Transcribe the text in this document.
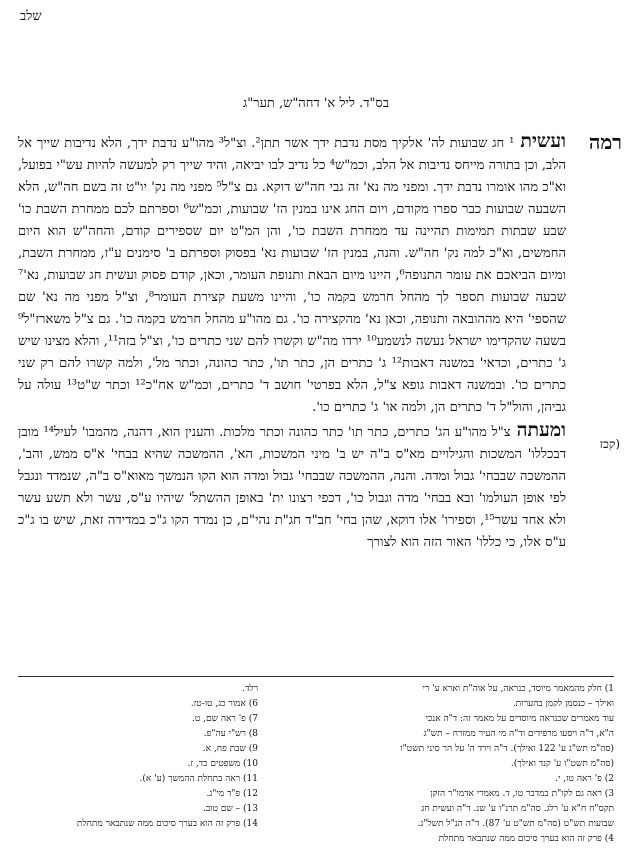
שלב
בס"ד. ליל א' דחה"ש, תער"ג
רמה
קכז)

ועשית¹ חג שבועות לה' אלקיך מסת נדבת ידך אשר תתן². וצ"ל³ מהו"ע נדבת ידך, הלא נדיבות שייך אל הלב, וכן בתורה מייחס נדיבות אל הלב, וכמ"ש⁴ כל נדיב לבו יביאה, והיד שייך רק למעשה להיות עש"י בפועל, וא"כ מהו אומרו נדבת ידך. ומפני מה נא' זה גבי חה"ש דוקא. גם צ"ל⁵ מפני מה נק' יו"ט זה בשם חה"ש, הלא השבעה שבועות כבר ספרו מקודם, ויום החג אינו במנין הז' שבועות, וכמ"ש⁶ וספרתם לכם ממחרת השבת כו' שבע שבתות תמימות תהיינה עד ממחרת השבת כו', והן המ"ט יום שספירים קודם, והחה"ש הוא היום החמשים, וא"כ למה נק' חה"ש. והנה, במנין הז' שבועות נא' בפסוק וספרתם ב' סימנים ע"ז, ממחרת השבת, ומיום הביאכם את עומר התנופה⁶, היינו מיום הבאת ותנופת העומר, וכאן, קודם פסוק ועשית חג שבועות, נא'⁷ שבעה שבועות תספר לך מהחל חרמש בקמה כו', והיינו משעת קצירת העומר⁸, וצ"ל מפני מה נא' שם שהספי' היא מההובאה ותנופה, וכאן נא' מהקצירה כו'. גם מהו"ע מהחל חרמש בקמה כו'. גם צ"ל משארז"ל⁹ בשעה שהקדימו ישראל נעשה לנשמע¹⁰ ירדו מה"ש וקשרו להם שני כתרים כו', וצ"ל בזה¹¹, והלא מצינו שיש ג' כתרים, וכדאי' במשנה דאבות¹² ג' כתרים הן, כתר תו', כתר כהונה, וכתר מל', ולמה קשרו להם רק שני כתרים כו'. ובמשנה דאבות גופא צ"ל, הלא בפרטי' חושב ד' כתרים, וכמ"ש אח"כ¹² וכתר ש"ט¹³ עולה על גביהן, והול"ל ד' כתרים הן, ולמה או' ג' כתרים כו'.

ומעתהצ"ל מהו"ע הג' כתרים, כתר תו' כתר כהונה וכתר מלכות. והענין הוא, דהנה, מהמבו' לעיל¹⁴ מובן דבכללו' המשכות והגילויים מא"ס ב"ה יש ב' מיני המשכות, הא', ההמשכה שהיא בבחי' א"ס ממש, והב', ההמשכה שבבחי' גבול ומדה. והנה, ההמשכה שבבחי' גבול ומדה הוא הקו הנמשך מאוא"ס ב"ה, שנמדד ונגבל לפי אופן העולמו' ובא בבחי' מדה וגבול כו', דכפי רצונו ית' באופן ההשתל' שיהיו ע"ס, עשר ולא תשע עשר ולא אחד עשר¹⁵, וספירו' אלו דוקא, שהן בחי' חב"ד חג"ת נהי"ם, כן נמדד הקו ג"כ במדידה זאת, שיש בו ג"כ ע"ס אלו, כי כללו' האור הזה הוא לצורך

1) חלק מהמאמר מיוסד, כנראה, על אוה"ת וארא ע' רי
ואילך – כנסמן לקמן בהערות.
עוד מאמרים שכנראה מיוסדים על מאמר זה: ד"ה אנכי
ה"א, ד"ה ויסעו מרפידים וד"ה מי העיר ממזרח – תש"ג
(סה"מ תש"ג ע' 122 ואילך). ד"ה וירד ה' על הר סיני תשט"ו
(סה"מ תשט"ו ע' קנד ואילך).
2) פ' ראה טז, י.
3) ראה גם לקו"ת במדבר טו, ד. מאמרי אדמו"ר הזקן
תקס"ח ח"א ע' רלג. סה"מ תרנ"ו ע' שנ. ד"ה ועשית חג
שבועות תש"ט (סה"מ תש"ט ע' 87). ד"ה הנ"ל תשל"ג.
4) פרק זה הוא בערך סיכום ממה שנתבאר מתחלת
רלד.
6) אמור כג, טו-טז.
7) פ' ראה שם, ט.
8) רש"י עה"פ.
9) שבת פח, א.
10) משפטים כד, ז.
11) ראה בתחלת ההמשך (ע' א).
12) פ"ד מי"ג.
13) – שם טוב.
14) פרק זה הוא בערך סיכום ממה שנתבאר מתחלת
